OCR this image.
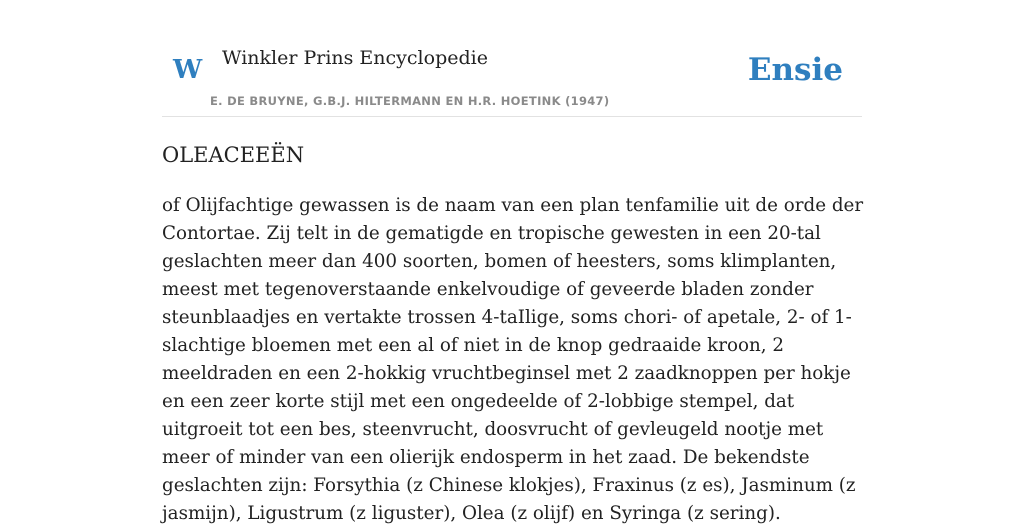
W Winkler Prins Encyclopedie
E. DE BRUYNE, G.B.J. HILTERMANN EN H.R. HOETINK (1947)
Ensie
OLEACEEËN

of Olijfachtige gewassen is de naam van een plan tenfamilie uit de orde der Contortae. Zij telt in de gematigde en tropische gewesten in een 20-tal geslachten meer dan 400 soorten, bomen of heesters, soms klimplanten, meest met tegenoverstaande enkelvoudige of geveerde bladen zonder steunblaadjes en vertakte trossen 4-taIlige, soms chori- of apetale, 2- of 1-slachtige bloemen met een al of niet in de knop gedraaide kroon, 2 meeldraden en een 2-hokkig vruchtbeginsel met 2 zaadknoppen per hokje en een zeer korte stijl met een ongedeelde of 2-lobbige stempel, dat uitgroeit tot een bes, steenvrucht, doosvrucht of gevleugeld nootje met meer of minder van een olierijk endosperm in het zaad. De bekendste geslachten zijn: Forsythia (z Chinese klokjes), Fraxinus (z es), Jasminum (z jasmijn), Ligustrum (z liguster), Olea (z olijf) en Syringa (z sering).
